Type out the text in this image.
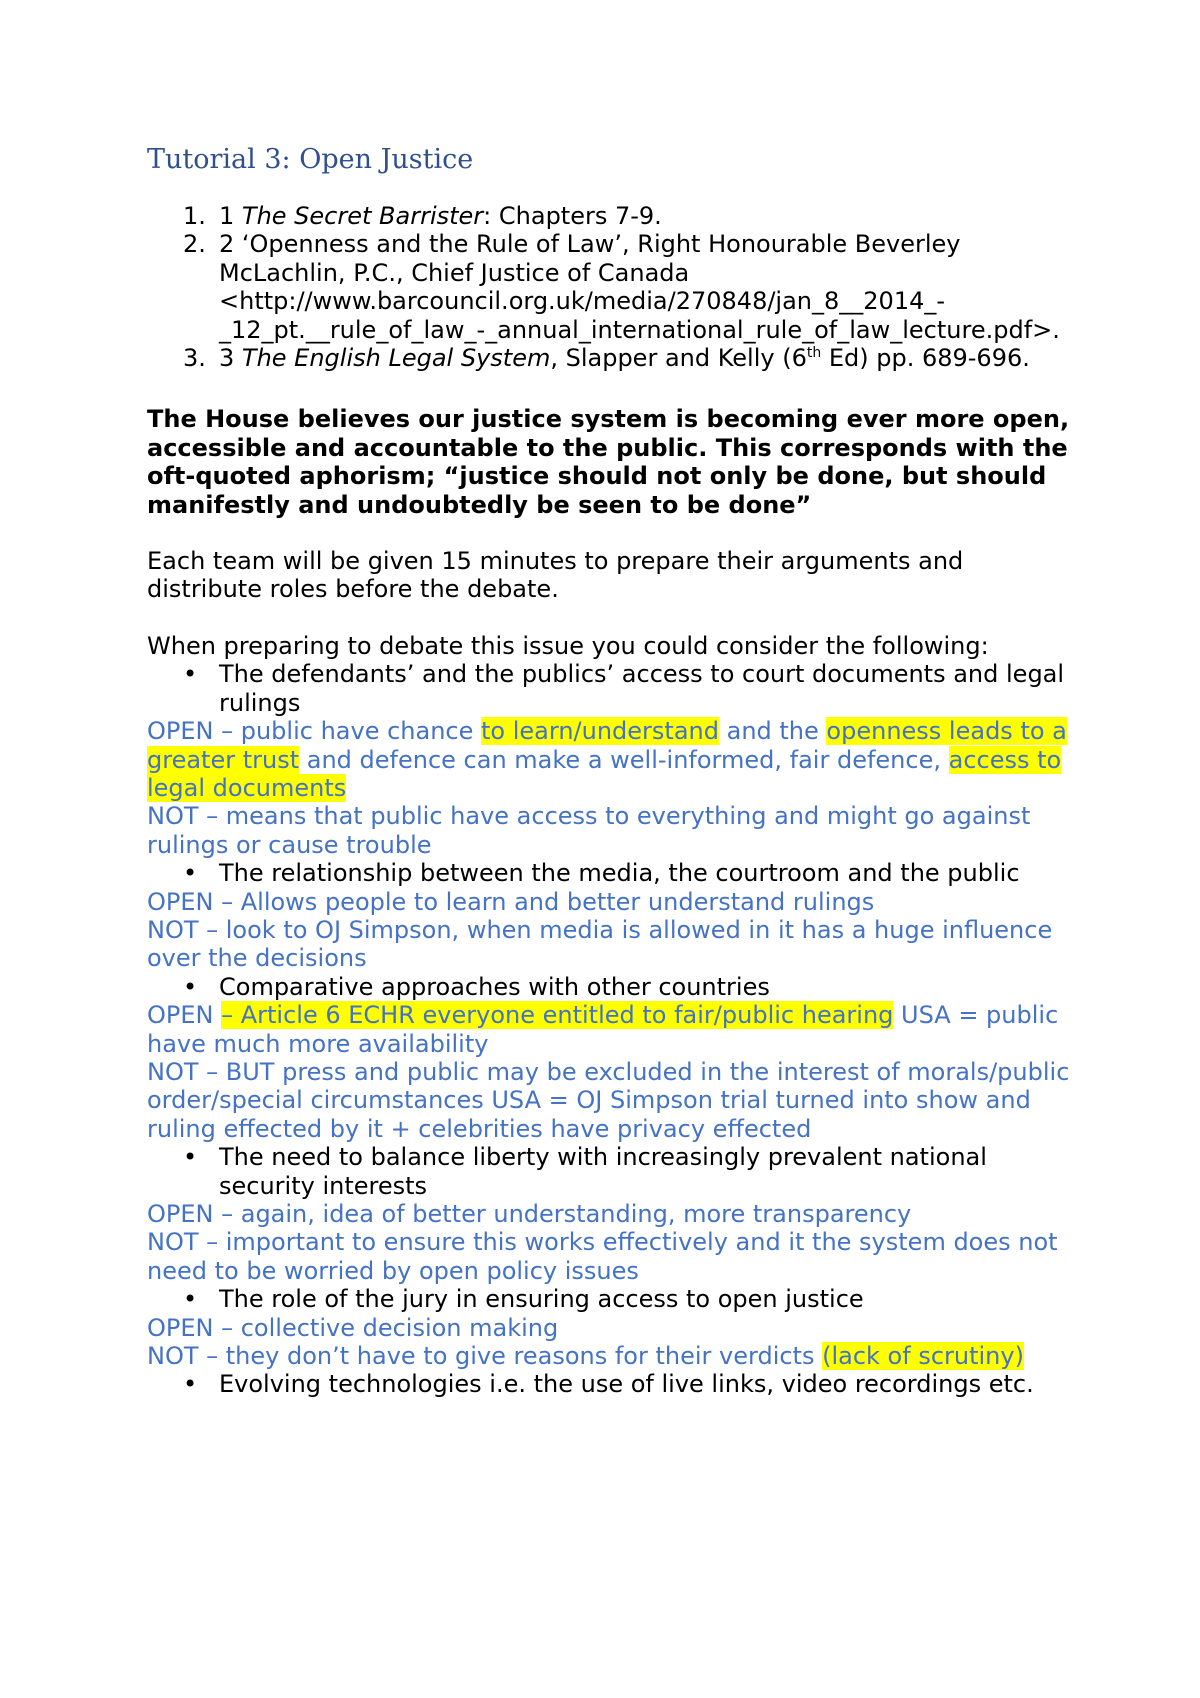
Tutorial 3: Open Justice
1. 1 The Secret Barrister: Chapters 7-9.
2. 2 ‘Openness and the Rule of Law’, Right Honourable Beverley McLachlin, P.C., Chief Justice of Canada <http://www.barcouncil.org.uk/media/270848/jan_8__2014_-_12_pt.__rule_of_law_-_annual_international_rule_of_law_lecture.pdf>.
3. 3 The English Legal System, Slapper and Kelly (6th Ed) pp. 689-696.
The House believes our justice system is becoming ever more open, accessible and accountable to the public. This corresponds with the oft-quoted aphorism; “justice should not only be done, but should manifestly and undoubtedly be seen to be done”
Each team will be given 15 minutes to prepare their arguments and distribute roles before the debate.
When preparing to debate this issue you could consider the following:
• The defendants’ and the publics’ access to court documents and legal rulings
OPEN – public have chance to learn/understand and the openness leads to a greater trust and defence can make a well-informed, fair defence, access to legal documents
NOT – means that public have access to everything and might go against rulings or cause trouble
• The relationship between the media, the courtroom and the public
OPEN – Allows people to learn and better understand rulings
NOT – look to OJ Simpson, when media is allowed in it has a huge influence over the decisions
• Comparative approaches with other countries
OPEN – Article 6 ECHR everyone entitled to fair/public hearing USA = public have much more availability
NOT – BUT press and public may be excluded in the interest of morals/public order/special circumstances USA = OJ Simpson trial turned into show and ruling effected by it + celebrities have privacy effected
• The need to balance liberty with increasingly prevalent national security interests
OPEN – again, idea of better understanding, more transparency
NOT – important to ensure this works effectively and it the system does not need to be worried by open policy issues
• The role of the jury in ensuring access to open justice
OPEN – collective decision making
NOT – they don’t have to give reasons for their verdicts (lack of scrutiny)
• Evolving technologies i.e. the use of live links, video recordings etc.
